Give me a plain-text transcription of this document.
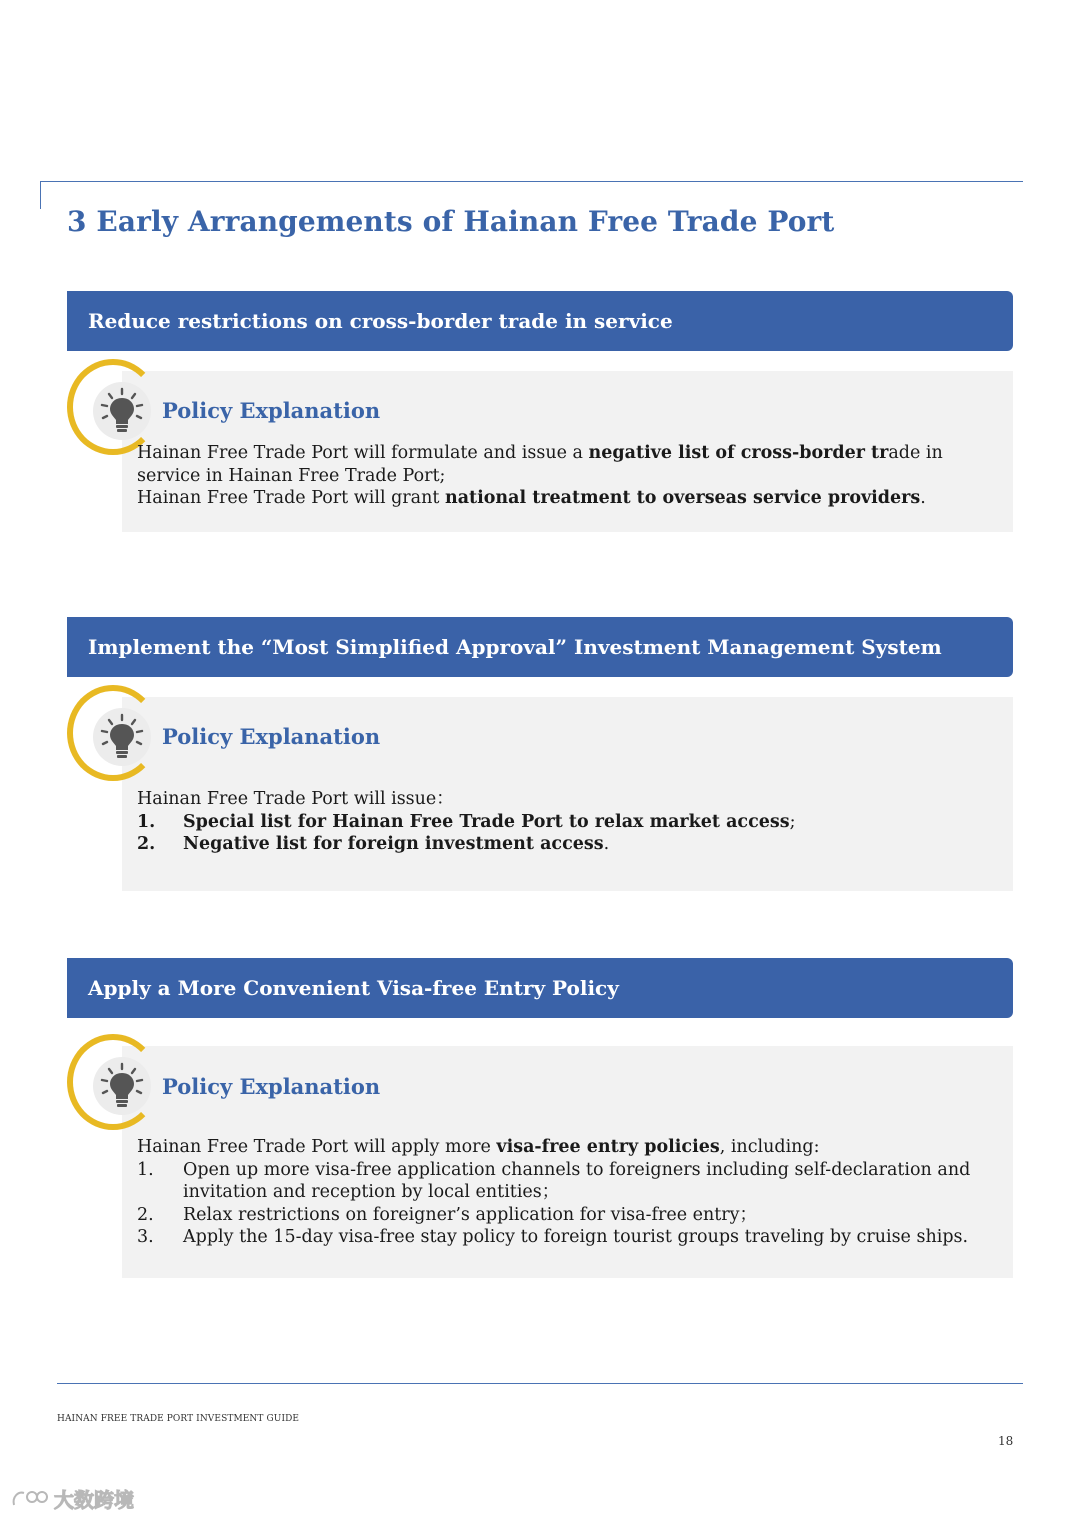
3 Early Arrangements of Hainan Free Trade Port
Reduce restrictions on cross-border trade in service
Policy Explanation

Hainan Free Trade Port will formulate and issue a negative list of cross-border trade in service in Hainan Free Trade Port;

Hainan Free Trade Port will grant national treatment to overseas service providers.

Implement the “Most Simplified Approval” Investment Management System
Policy Explanation

Hainan Free Trade Port will issue：

1.	Special list for Hainan Free Trade Port to relax market access;
2.	Negative list for foreign investment access.
Apply a More Convenient Visa-free Entry Policy
Policy Explanation

Hainan Free Trade Port will apply more visa-free entry policies, including:

1.	Open up more visa-free application channels to foreigners including self-declaration and invitation and reception by local entities；
2.	Relax restrictions on foreigner’s application for visa-free entry；
3.	Apply the 15-day visa-free stay policy to foreign tourist groups traveling by cruise ships.
HAINAN FREE TRADE PORT INVESTMENT GUIDE
18
大数跨境
